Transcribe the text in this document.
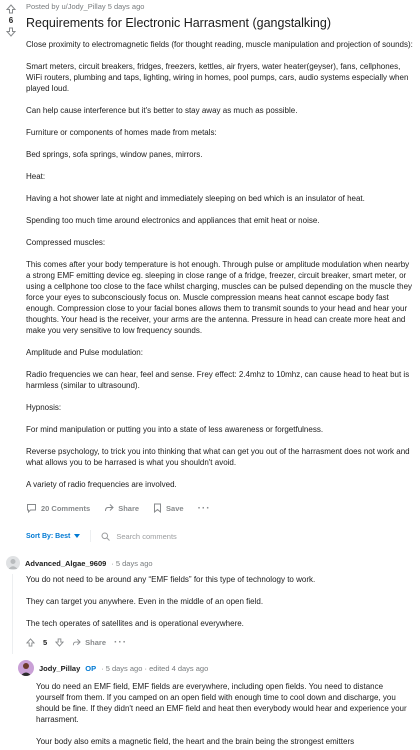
6
Posted by u/Jody_Pillay 5 days ago
Requirements for Electronic Harrasment (gangstalking)

Close proximity to electromagnetic fields (for thought reading, muscle manipulation and projection of sounds):

Smart meters, circuit breakers, fridges, freezers, kettles, air fryers, water heater(geyser), fans, cellphones, WiFi routers, plumbing and taps, lighting, wiring in homes, pool pumps, cars, audio systems especially when played loud.

Can help cause interference but it's better to stay away as much as possible.

Furniture or components of homes made from metals:

Bed springs, sofa springs, window panes, mirrors.

Heat:

Having a hot shower late at night and immediately sleeping on bed which is an insulator of heat.

Spending too much time around electronics and appliances that emit heat or noise.

Compressed muscles:

This comes after your body temperature is hot enough. Through pulse or amplitude modulation when nearby a strong EMF emitting device eg. sleeping in close range of a fridge, freezer, circuit breaker, smart meter, or using a cellphone too close to the face whilst charging, muscles can be pulsed depending on the muscle they force your eyes to subconsciously focus on. Muscle compression means heat cannot escape body fast enough. Compression close to your facial bones allows them to transmit sounds to your head and hear your thoughts. Your head is the receiver, your arms are the antenna. Pressure in head can create more heat and make you very sensitive to low frequency sounds.

Amplitude and Pulse modulation:

Radio frequencies we can hear, feel and sense. Frey effect: 2.4mhz to 10mhz, can cause head to heat but is harmless (similar to ultrasound).

Hypnosis:

For mind manipulation or putting you into a state of less awareness or forgetfulness.

Reverse psychology, to trick you into thinking that what can get you out of the harrasment does not work and what allows you to be harrased is what you shouldn't avoid.

A variety of radio frequencies are involved.

20 Comments	Share	Save ···
Sort By: Best	Search comments
Advanced_Algae_9609 · 5 days ago

You do not need to be around any “EMF fields” for this type of technology to work.

They can target you anywhere. Even in the middle of an open field.

The tech operates of satellites and is operational everywhere.

5	Share ···
Jody_Pillay OP · 5 days ago · edited 4 days ago

You do need an EMF field, EMF fields are everywhere, including open fields. You need to distance yourself from them. If you camped on an open field with enough time to cool down and discharge, you should be fine. If they didn't need an EMF field and heat then everybody would hear and experience your harrasment.

Your body also emits a magnetic field, the heart and the brain being the strongest emitters
